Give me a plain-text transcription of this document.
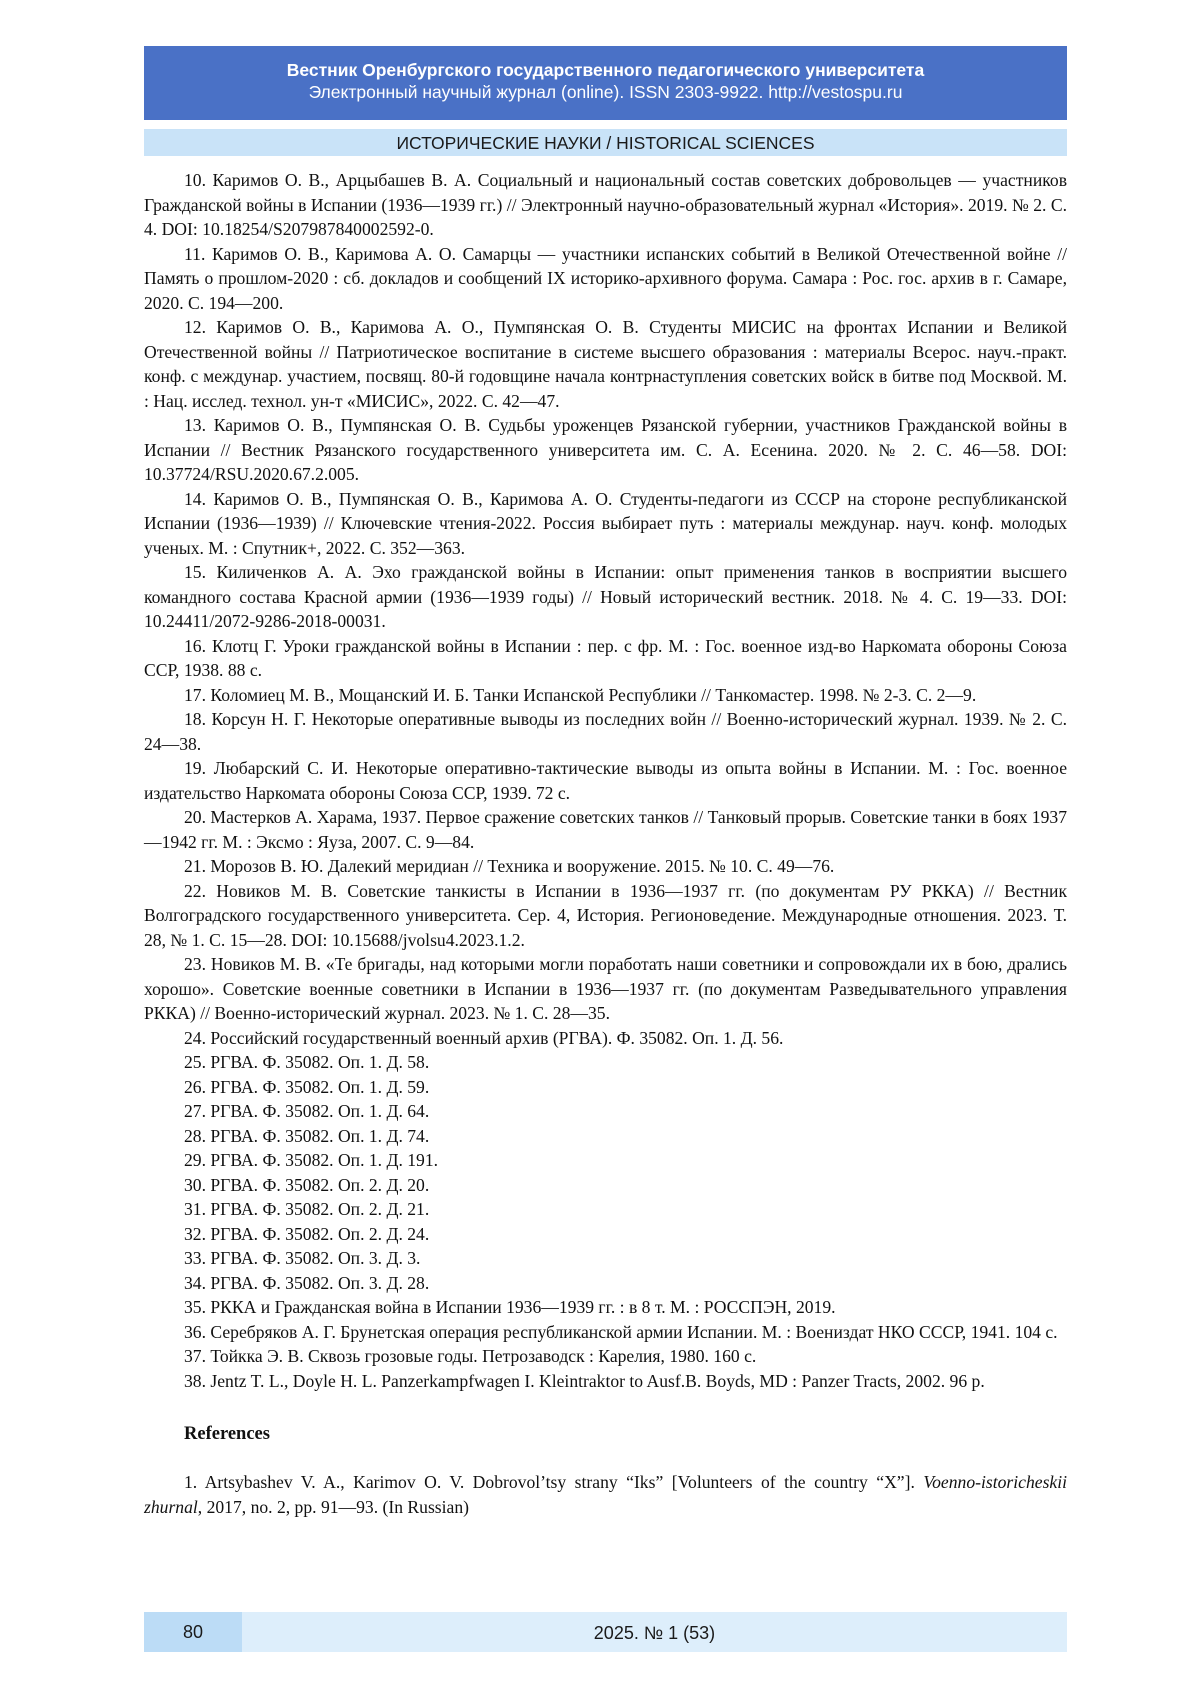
Вестник Оренбургского государственного педагогического университета
Электронный научный журнал (online). ISSN 2303-9922. http://vestospu.ru
ИСТОРИЧЕСКИЕ НАУКИ / HISTORICAL SCIENCES

10. Каримов О. В., Арцыбашев В. А. Социальный и национальный состав советских добровольцев — участников Гражданской войны в Испании (1936—1939 гг.) // Электронный научно-образовательный журнал «История». 2019. № 2. С. 4. DOI: 10.18254/S207987840002592-0.

11. Каримов О. В., Каримова А. О. Самарцы — участники испанских событий в Великой Отечественной войне // Память о прошлом-2020 : сб. докладов и сообщений IX историко-архивного форума. Самара : Рос. гос. архив в г. Самаре, 2020. С. 194—200.

12. Каримов О. В., Каримова А. О., Пумпянская О. В. Студенты МИСИС на фронтах Испании и Великой Отечественной войны // Патриотическое воспитание в системе высшего образования : материалы Всерос. науч.-практ. конф. с междунар. участием, посвящ. 80-й годовщине начала контрнаступления советских войск в битве под Москвой. М. : Нац. исслед. технол. ун-т «МИСИС», 2022. С. 42—47.

13. Каримов О. В., Пумпянская О. В. Судьбы уроженцев Рязанской губернии, участников Гражданской войны в Испании // Вестник Рязанского государственного университета им. С. А. Есенина. 2020. № 2. С. 46—58. DOI: 10.37724/RSU.2020.67.2.005.

14. Каримов О. В., Пумпянская О. В., Каримова А. О. Студенты-педагоги из СССР на стороне республиканской Испании (1936—1939) // Ключевские чтения-2022. Россия выбирает путь : материалы междунар. науч. конф. молодых ученых. М. : Спутник+, 2022. С. 352—363.

15. Киличенков А. А. Эхо гражданской войны в Испании: опыт применения танков в восприятии высшего командного состава Красной армии (1936—1939 годы) // Новый исторический вестник. 2018. № 4. С. 19—33. DOI: 10.24411/2072-9286-2018-00031.

16. Клотц Г. Уроки гражданской войны в Испании : пер. с фр. М. : Гос. военное изд-во Наркомата обороны Союза ССР, 1938. 88 с.

17. Коломиец М. В., Мощанский И. Б. Танки Испанской Республики // Танкомастер. 1998. № 2-3. С. 2—9.

18. Корсун Н. Г. Некоторые оперативные выводы из последних войн // Военно-исторический журнал. 1939. № 2. С. 24—38.

19. Любарский С. И. Некоторые оперативно-тактические выводы из опыта войны в Испании. М. : Гос. военное издательство Наркомата обороны Союза ССР, 1939. 72 с.

20. Мастерков А. Харама, 1937. Первое сражение советских танков // Танковый прорыв. Советские танки в боях 1937—1942 гг. М. : Эксмо : Яуза, 2007. С. 9—84.

21. Морозов В. Ю. Далекий меридиан // Техника и вооружение. 2015. № 10. С. 49—76.

22. Новиков М. В. Советские танкисты в Испании в 1936—1937 гг. (по документам РУ РККА) // Вестник Волгоградского государственного университета. Сер. 4, История. Регионоведение. Международные отношения. 2023. Т. 28, № 1. С. 15—28. DOI: 10.15688/jvolsu4.2023.1.2.

23. Новиков М. В. «Те бригады, над которыми могли поработать наши советники и сопровождали их в бою, дрались хорошо». Советские военные советники в Испании в 1936—1937 гг. (по документам Разведывательного управления РККА) // Военно-исторический журнал. 2023. № 1. С. 28—35.

24. Российский государственный военный архив (РГВА). Ф. 35082. Оп. 1. Д. 56.

25. РГВА. Ф. 35082. Оп. 1. Д. 58.

26. РГВА. Ф. 35082. Оп. 1. Д. 59.

27. РГВА. Ф. 35082. Оп. 1. Д. 64.

28. РГВА. Ф. 35082. Оп. 1. Д. 74.

29. РГВА. Ф. 35082. Оп. 1. Д. 191.

30. РГВА. Ф. 35082. Оп. 2. Д. 20.

31. РГВА. Ф. 35082. Оп. 2. Д. 21.

32. РГВА. Ф. 35082. Оп. 2. Д. 24.

33. РГВА. Ф. 35082. Оп. 3. Д. 3.

34. РГВА. Ф. 35082. Оп. 3. Д. 28.

35. РККА и Гражданская война в Испании 1936—1939 гг. : в 8 т. М. : РОССПЭН, 2019.

36. Серебряков А. Г. Брунетская операция республиканской армии Испании. М. : Воениздат НКО СССР, 1941. 104 с.

37. Тойкка Э. В. Сквозь грозовые годы. Петрозаводск : Карелия, 1980. 160 с.

38. Jentz T. L., Doyle H. L. Panzerkampfwagen I. Kleintraktor to Ausf.B. Boyds, MD : Panzer Tracts, 2002. 96 р.

References

1. Artsybashev V. A., Karimov O. V. Dobrovol’tsy strany “Iks” [Volunteers of the country “X”]. Voenno-istoricheskii zhurnal, 2017, no. 2, pp. 91—93. (In Russian)

80	2025. № 1 (53)
